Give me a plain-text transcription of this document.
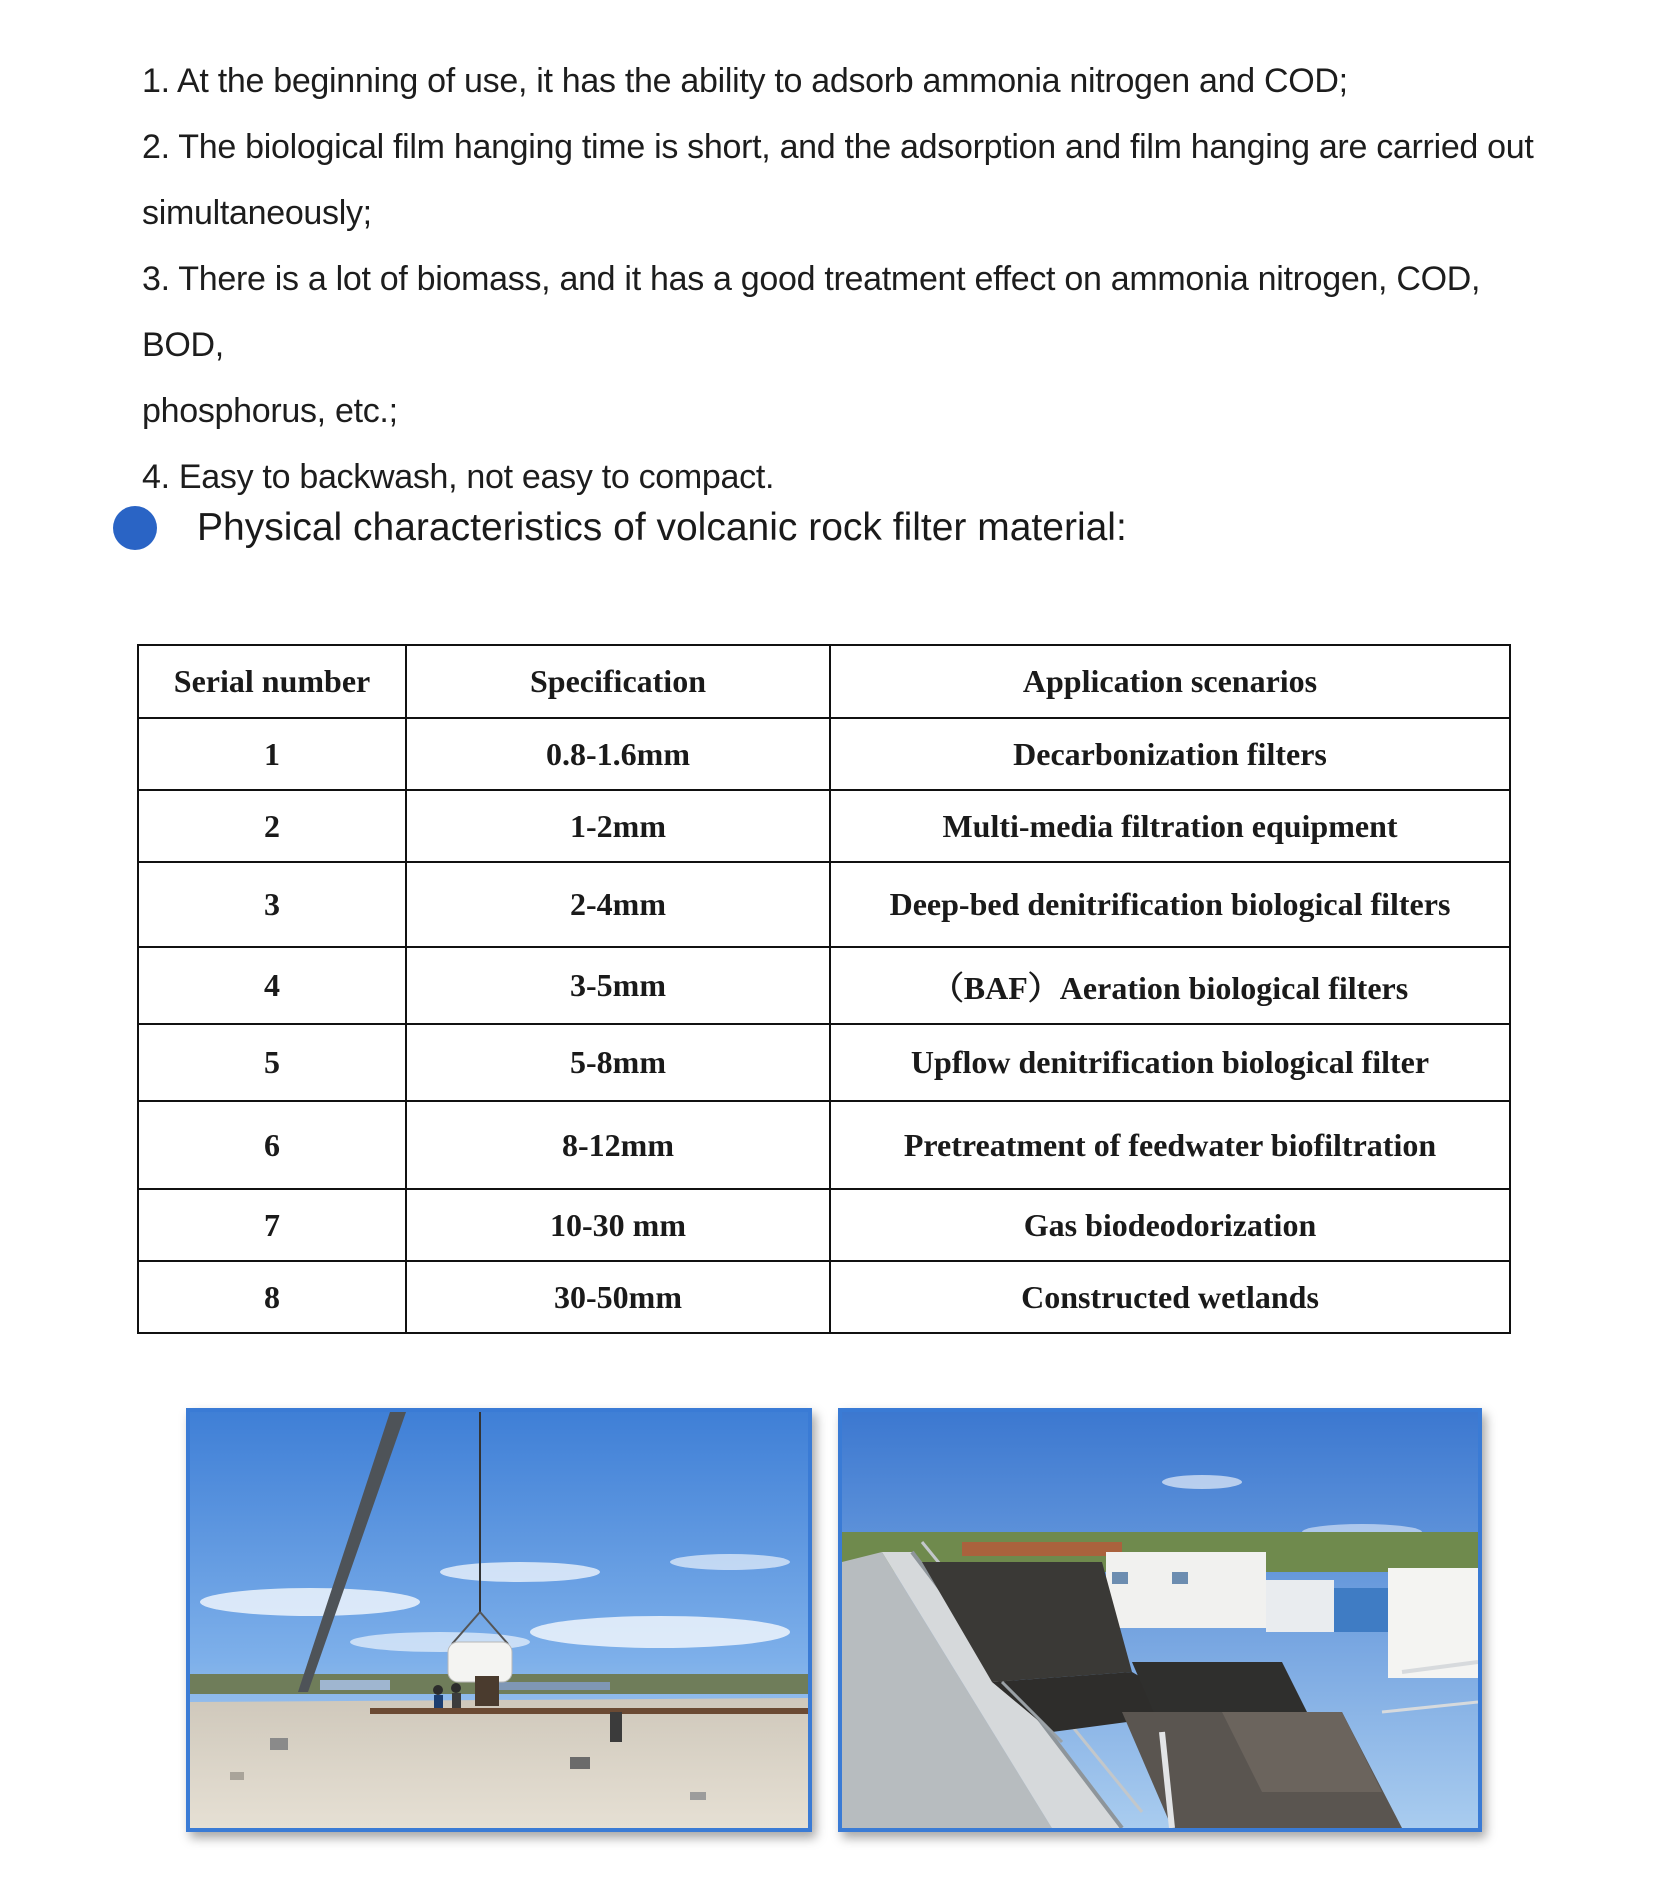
1. At the beginning of use, it has the ability to adsorb ammonia nitrogen and COD;

2. The biological film hanging time is short, and the adsorption and film hanging are carried out

simultaneously;

3. There is a lot of biomass, and it has a good treatment effect on ammonia nitrogen, COD, BOD,

phosphorus, etc.;

4. Easy to backwash, not easy to compact.

Physical characteristics of volcanic rock filter material:
Serial number	Specification	Application scenarios
1	0.8-1.6mm	Decarbonization filters
2	1-2mm	Multi-media filtration equipment
3	2-4mm	Deep-bed denitrification biological filters
4	3-5mm	（BAF）Aeration biological filters
5	5-8mm	Upflow denitrification biological filter
6	8-12mm	Pretreatment of feedwater biofiltration
7	10-30 mm	Gas biodeodorization
8	30-50mm	Constructed wetlands
